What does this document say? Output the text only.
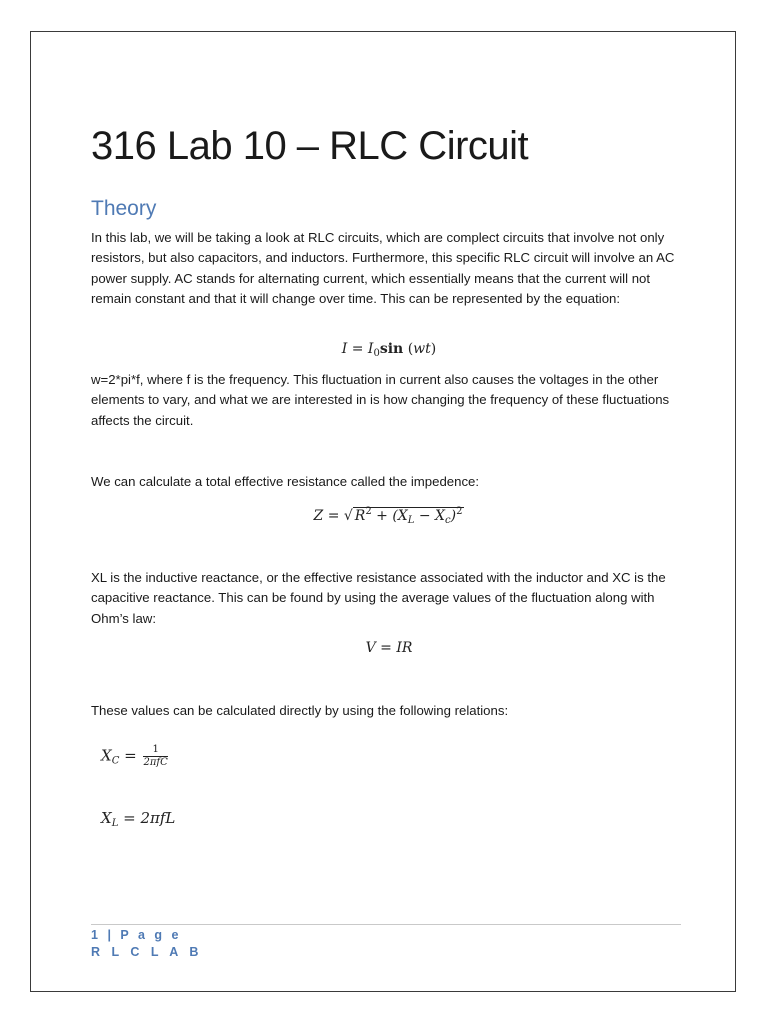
316 Lab 10 – RLC Circuit
Theory

In this lab, we will be taking a look at RLC circuits, which are complect circuits that involve not only resistors, but also capacitors, and inductors. Furthermore, this specific RLC circuit will involve an AC power supply. AC stands for alternating current, which essentially means that the current will not remain constant and that it will change over time. This can be represented by the equation:

$I = I_0\sin$ (wt)

w=2*pi*f, where f is the frequency. This fluctuation in current also causes the voltages in the other elements to vary, and what we are interested in is how changing the frequency of these fluctuations affects the circuit.

We can calculate a total effective resistance called the impedence:

Z = √ $R^2 + (X_L - X_c)^2$

XL is the inductive reactance, or the effective resistance associated with the inductor and XC is the capacitive reactance. This can be found by using the average values of the fluctuation along with Ohm’s law:

V = IR

These values can be calculated directly by using the following relations:

$X_C = \frac{1}{\text{2πfC}}$
$X_L = 2\pi fL$
1 | P a g e
R L C L A B
